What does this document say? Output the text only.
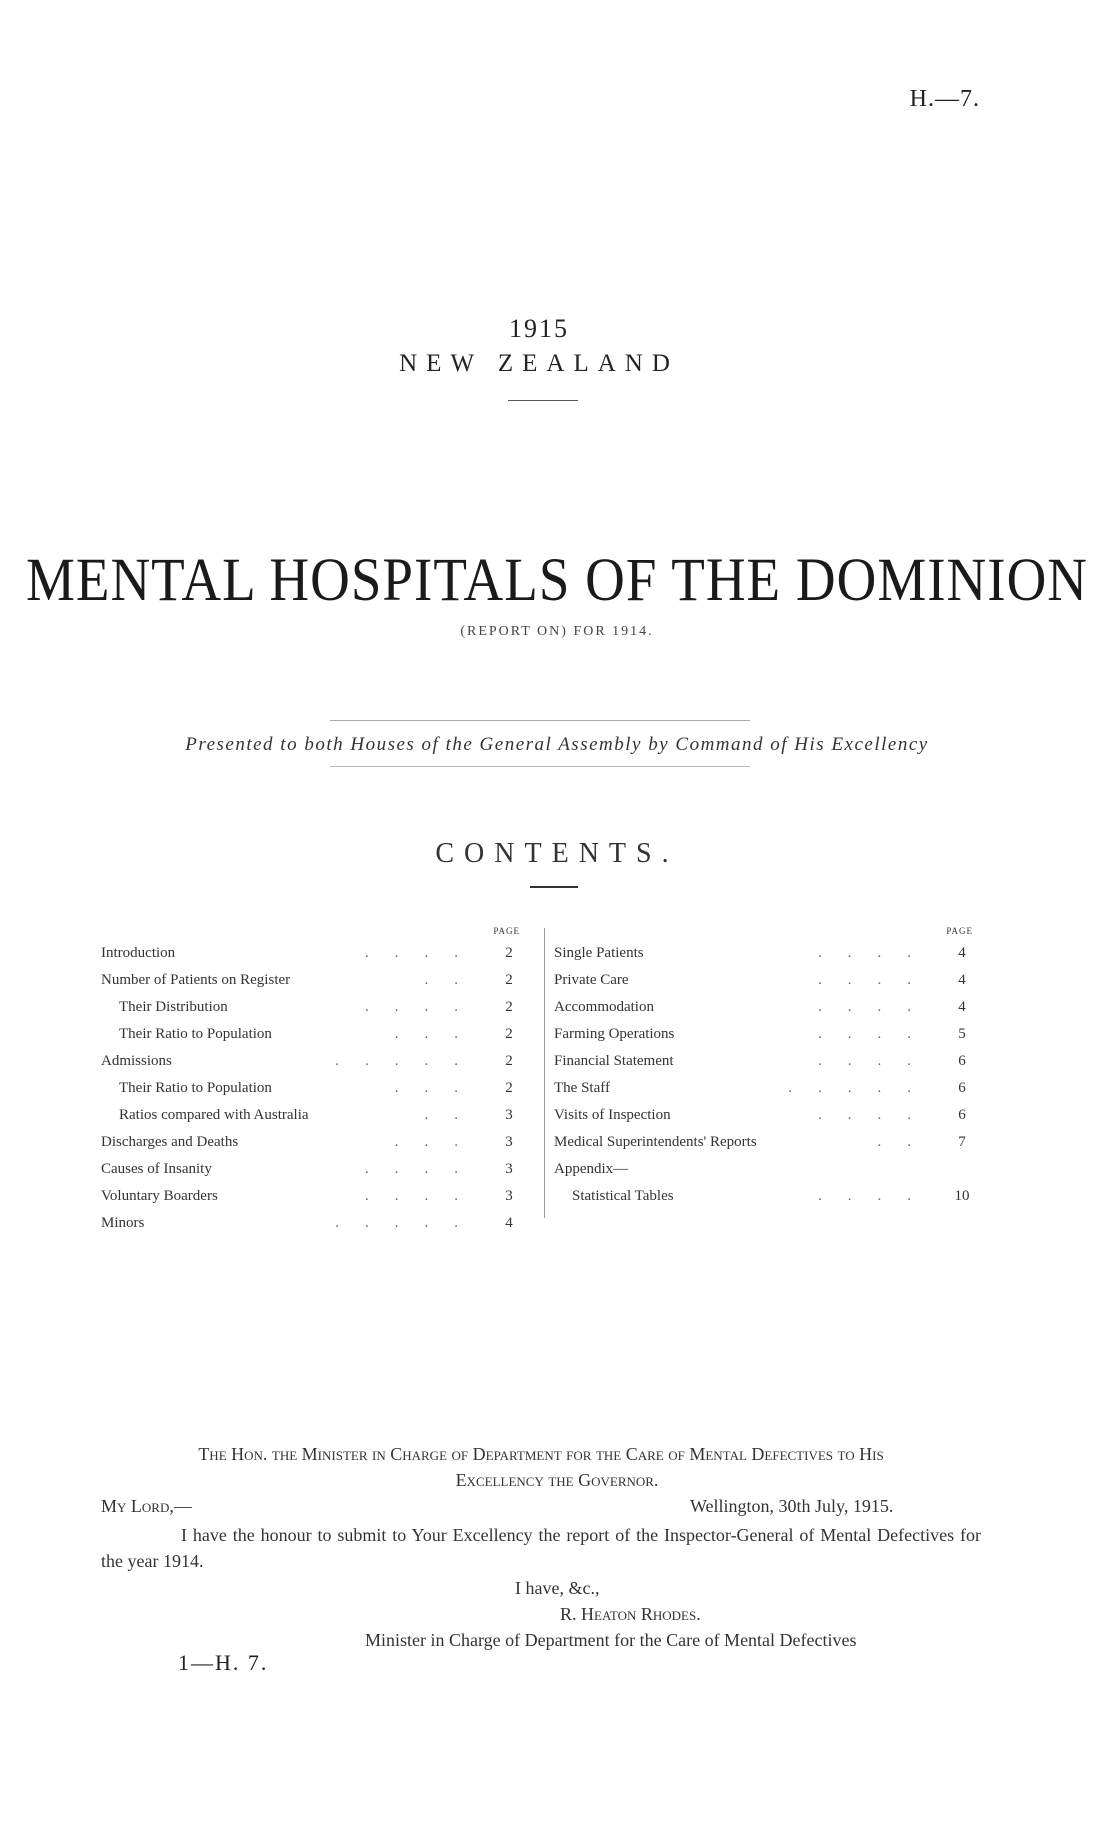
H.—7.
1915
NEW ZEALAND
MENTAL HOSPITALS OF THE DOMINION
(REPORT ON) FOR 1914.
Presented to both Houses of the General Assembly by Command of His Excellency
CONTENTS.
PAGE
Introduction	....	2
Number of Patients on Register	..	2
Their Distribution	....	2
Their Ratio to Population	...	2
Admissions	.....	2
Their Ratio to Population	...	2
Ratios compared with Australia	..	3
Discharges and Deaths	...	3
Causes of Insanity	....	3
Voluntary Boarders	....	3
Minors	.....	4
PAGE
Single Patients	....	4
Private Care	....	4
Accommodation	....	4
Farming Operations	....	5
Financial Statement	....	6
The Staff	.....	6
Visits of Inspection	....	6
Medical Superintendents' Reports	..	7
Appendix—
Statistical Tables	.... 10
The Hon. the Minister in Charge of Department for the Care of Mental Defectives to His
Excellency the Governor.
My Lord,—	Wellington, 30th July, 1915.
I have the honour to submit to Your Excellency the report of the Inspector-General of Mental Defectives for the year 1914.
I have, &c.,
R. Heaton Rhodes.
Minister in Charge of Department for the Care of Mental Defectives
1—H. 7.
